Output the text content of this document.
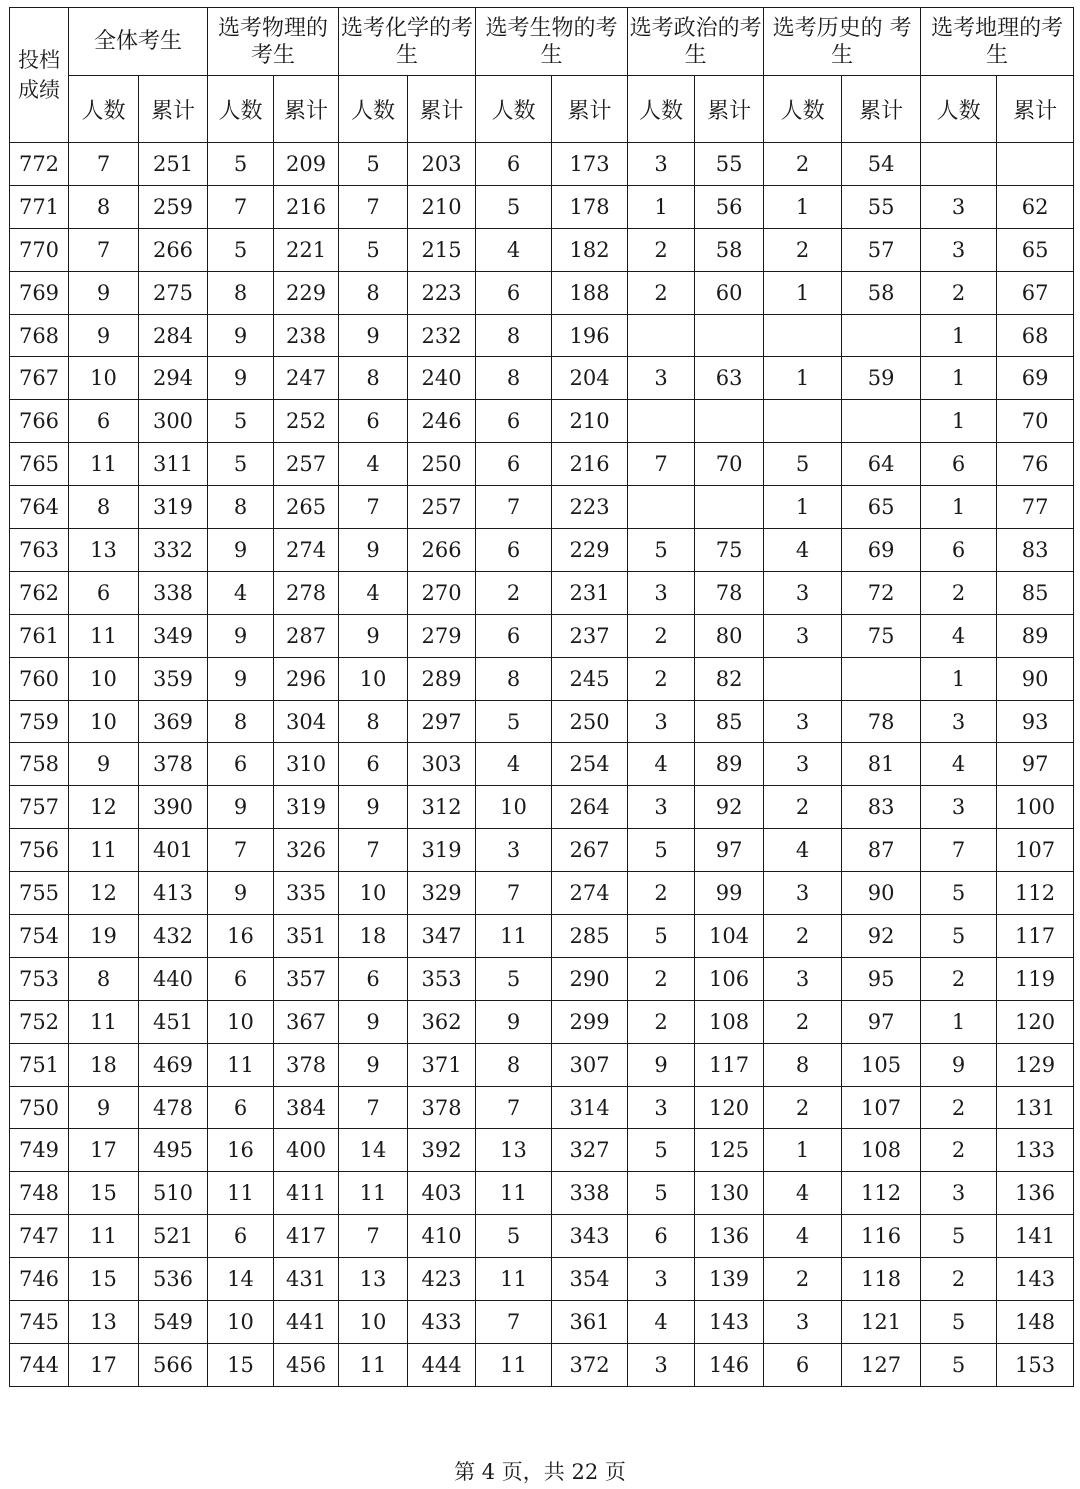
投档成绩	全体考生		选考物理的考生		选考化学的考生		选考生物的考生		选考政治的考生		选考历史的 考生		选考地理的考生	
	人数	累计	人数	累计	人数	累计	人数	累计	人数	累计	人数	累计	人数	累计
772	7	251	5	209	5	203	6	173	3	55	2	54		
771	8	259	7	216	7	210	5	178	1	56	1	55	3	62
770	7	266	5	221	5	215	4	182	2	58	2	57	3	65
769	9	275	8	229	8	223	6	188	2	60	1	58	2	67
768	9	284	9	238	9	232	8	196					1	68
767	10	294	9	247	8	240	8	204	3	63	1	59	1	69
766	6	300	5	252	6	246	6	210					1	70
765	11	311	5	257	4	250	6	216	7	70	5	64	6	76
764	8	319	8	265	7	257	7	223			1	65	1	77
763	13	332	9	274	9	266	6	229	5	75	4	69	6	83
762	6	338	4	278	4	270	2	231	3	78	3	72	2	85
761	11	349	9	287	9	279	6	237	2	80	3	75	4	89
760	10	359	9	296	10	289	8	245	2	82			1	90
759	10	369	8	304	8	297	5	250	3	85	3	78	3	93
758	9	378	6	310	6	303	4	254	4	89	3	81	4	97
757	12	390	9	319	9	312	10	264	3	92	2	83	3	100
756	11	401	7	326	7	319	3	267	5	97	4	87	7	107
755	12	413	9	335	10	329	7	274	2	99	3	90	5	112
754	19	432	16	351	18	347	11	285	5	104	2	92	5	117
753	8	440	6	357	6	353	5	290	2	106	3	95	2	119
752	11	451	10	367	9	362	9	299	2	108	2	97	1	120
751	18	469	11	378	9	371	8	307	9	117	8	105	9	129
750	9	478	6	384	7	378	7	314	3	120	2	107	2	131
749	17	495	16	400	14	392	13	327	5	125	1	108	2	133
748	15	510	11	411	11	403	11	338	5	130	4	112	3	136
747	11	521	6	417	7	410	5	343	6	136	4	116	5	141
746	15	536	14	431	13	423	11	354	3	139	2	118	2	143
745	13	549	10	441	10	433	7	361	4	143	3	121	5	148
744	17	566	15	456	11	444	11	372	3	146	6	127	5	153
第 4 页，共 22 页
